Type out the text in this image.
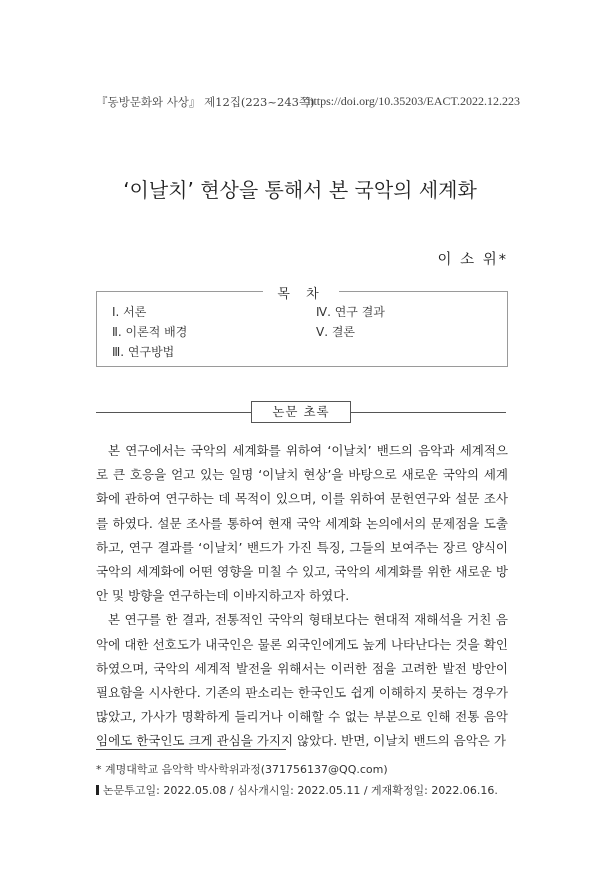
『동방문화와 사상』 제12집(223~243쪽)
https://doi.org/10.35203/EACT.2022.12.223
‘이날치’ 현상을 통해서 본 국악의 세계화
이 소 위*
목 차
Ⅰ. 서론
Ⅱ. 이론적 배경
Ⅲ. 연구방법
Ⅳ. 연구 결과
Ⅴ. 결론
논문 초록

본 연구에서는 국악의 세계화를 위하여 ‘이날치’ 밴드의 음악과 세계적으로 큰 호응을 얻고 있는 일명 ‘이날치 현상’을 바탕으로 새로운 국악의 세계화에 관하여 연구하는 데 목적이 있으며, 이를 위하여 문헌연구와 설문 조사를 하였다. 설문 조사를 통하여 현재 국악 세계화 논의에서의 문제점을 도출하고, 연구 결과를 ‘이날치’ 밴드가 가진 특징, 그들의 보여주는 장르 양식이 국악의 세계화에 어떤 영향을 미칠 수 있고, 국악의 세계화를 위한 새로운 방안 및 방향을 연구하는데 이바지하고자 하였다.

본 연구를 한 결과, 전통적인 국악의 형태보다는 현대적 재해석을 거친 음악에 대한 선호도가 내국인은 물론 외국인에게도 높게 나타난다는 것을 확인하였으며, 국악의 세계적 발전을 위해서는 이러한 점을 고려한 발전 방안이 필요함을 시사한다. 기존의 판소리는 한국인도 쉽게 이해하지 못하는 경우가 많았고, 가사가 명확하게 들리거나 이해할 수 없는 부분으로 인해 전통 음악임에도 한국인도 크게 관심을 가지지 않았다. 반면, 이날치 밴드의 음악은 가

* 계명대학교 음악학 박사학위과정(371756137@QQ.com)
논문투고일: 2022.05.08 / 심사개시일: 2022.05.11 / 게재확정일: 2022.06.16.
